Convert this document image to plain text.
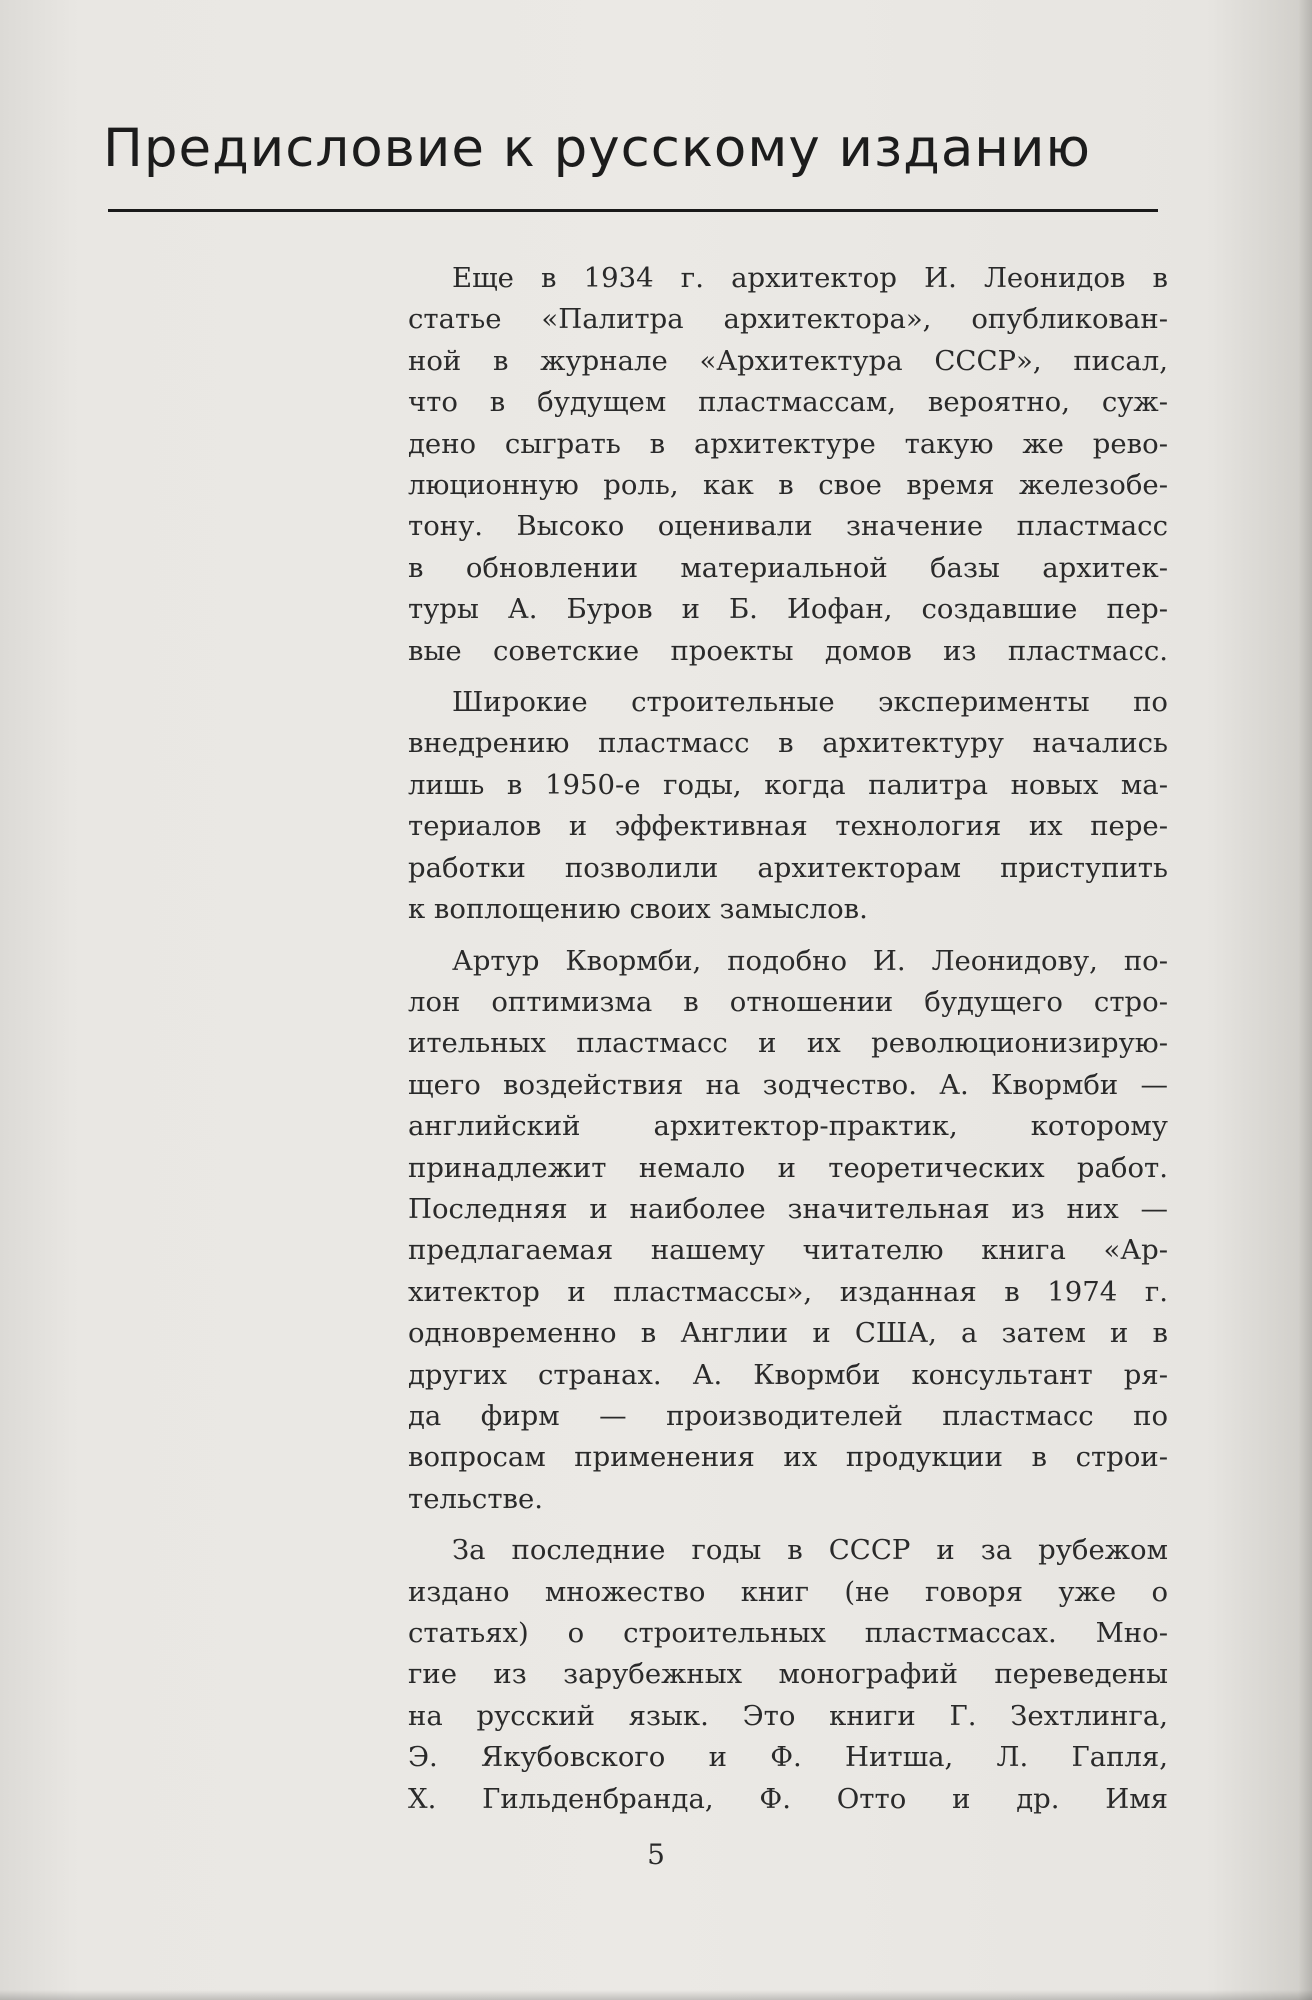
Предисловие к русскому изданию

Еще в 1934 г. архитектор И. Леонидов в
статье «Палитра архитектора», опубликован-
ной в журнале «Архитектура СССР», писал,
что в будущем пластмассам, вероятно, суж-
дено сыграть в архитектуре такую же рево-
люционную роль, как в свое время железобе-
тону. Высоко оценивали значение пластмасс
в обновлении материальной базы архитек-
туры А. Буров и Б. Иофан, создавшие пер-
вые советские проекты домов из пластмасс.

Широкие строительные эксперименты по
внедрению пластмасс в архитектуру начались
лишь в 1950-е годы, когда палитра новых ма-
териалов и эффективная технология их пере-
работки позволили архитекторам приступить
к воплощению своих замыслов.

Артур Квормби, подобно И. Леонидову, по-
лон оптимизма в отношении будущего стро-
ительных пластмасс и их революционизирую-
щего воздействия на зодчество. А. Квормби —
английский архитектор-практик, которому
принадлежит немало и теоретических работ.
Последняя и наиболее значительная из них —
предлагаемая нашему читателю книга «Ар-
хитектор и пластмассы», изданная в 1974 г.
одновременно в Англии и США, а затем и в
других странах. А. Квормби консультант ря-
да фирм — производителей пластмасс по
вопросам применения их продукции в строи-
тельстве.

За последние годы в СССР и за рубежом
издано множество книг (не говоря уже о
статьях) о строительных пластмассах. Мно-
гие из зарубежных монографий переведены
на русский язык. Это книги Г. Зехтлинга,
Э. Якубовского и Ф. Нитша, Л. Гапля,
Х. Гильденбранда, Ф. Отто и др. Имя

5
